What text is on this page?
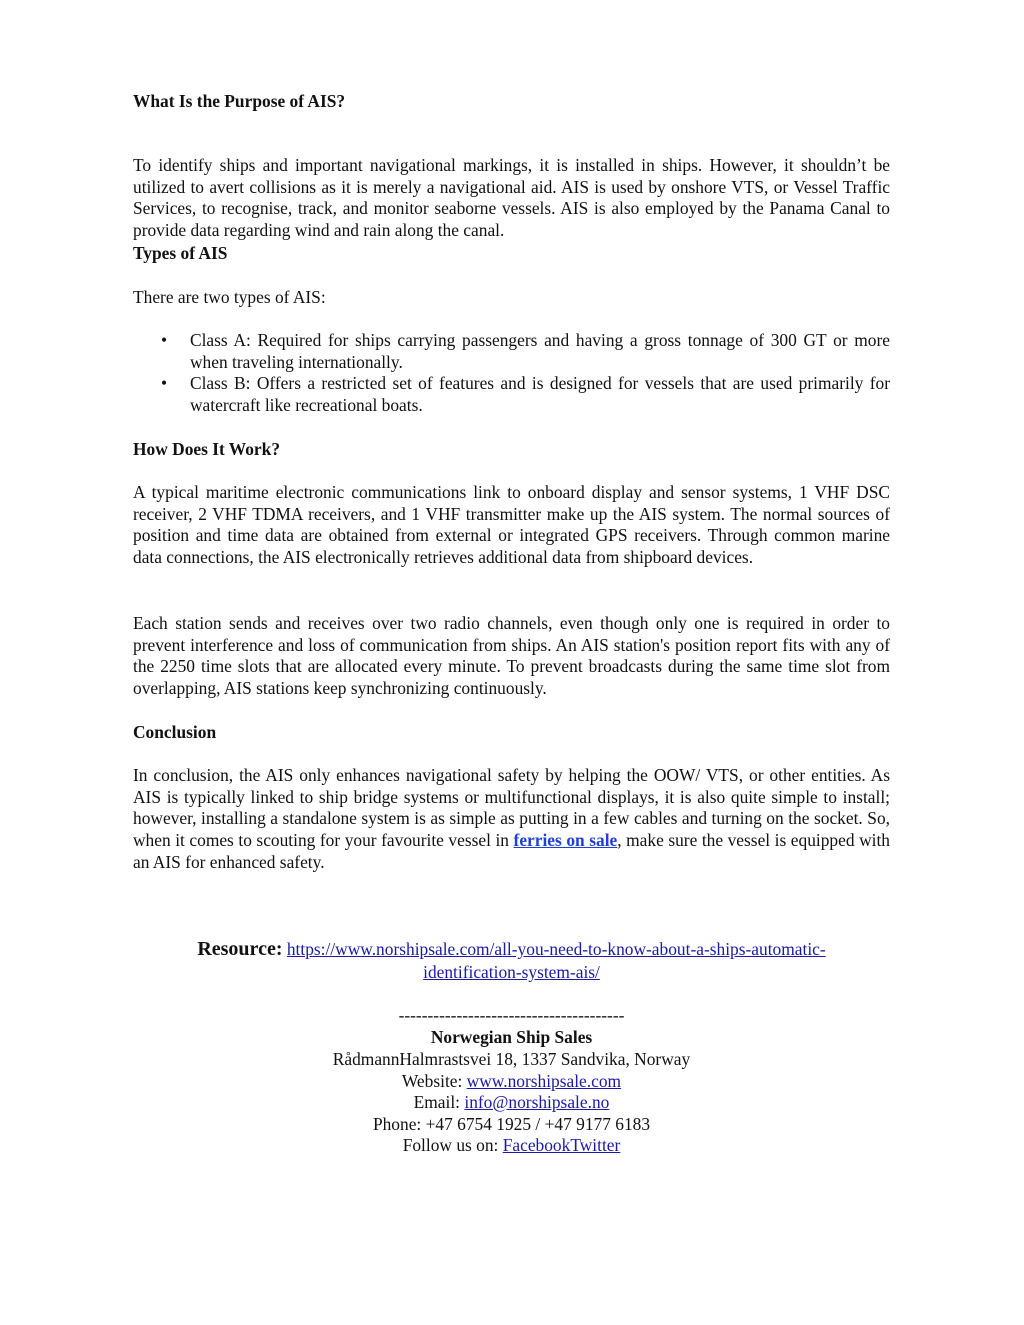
What Is the Purpose of AIS?

To identify ships and important navigational markings, it is installed in ships. However, it shouldn’t be utilized to avert collisions as it is merely a navigational aid. AIS is used by onshore VTS, or Vessel Traffic Services, to recognise, track, and monitor seaborne vessels. AIS is also employed by the Panama Canal to provide data regarding wind and rain along the canal.

Types of AIS

There are two types of AIS:

• Class A: Required for ships carrying passengers and having a gross tonnage of 300 GT or more when traveling internationally.
• Class B: Offers a restricted set of features and is designed for vessels that are used primarily for watercraft like recreational boats.
How Does It Work?

A typical maritime electronic communications link to onboard display and sensor systems, 1 VHF DSC receiver, 2 VHF TDMA receivers, and 1 VHF transmitter make up the AIS system. The normal sources of position and time data are obtained from external or integrated GPS receivers. Through common marine data connections, the AIS electronically retrieves additional data from shipboard devices.

Each station sends and receives over two radio channels, even though only one is required in order to prevent interference and loss of communication from ships. An AIS station's position report fits with any of the 2250 time slots that are allocated every minute. To prevent broadcasts during the same time slot from overlapping, AIS stations keep synchronizing continuously.

Conclusion

In conclusion, the AIS only enhances navigational safety by helping the OOW/ VTS, or other entities. As AIS is typically linked to ship bridge systems or multifunctional displays, it is also quite simple to install; however, installing a standalone system is as simple as putting in a few cables and turning on the socket. So, when it comes to scouting for your favourite vessel in ferries on sale, make sure the vessel is equipped with an AIS for enhanced safety.

Resource: https://www.norshipsale.com/all-you-need-to-know-about-a-ships-automatic-
identification-system-ais/
---------------------------------------
Norwegian Ship Sales
RådmannHalmrastsvei 18, 1337 Sandvika, Norway
Website: www.norshipsale.com
Email: info@norshipsale.no
Phone: +47 6754 1925 / +47 9177 6183
Follow us on: FacebookTwitter
